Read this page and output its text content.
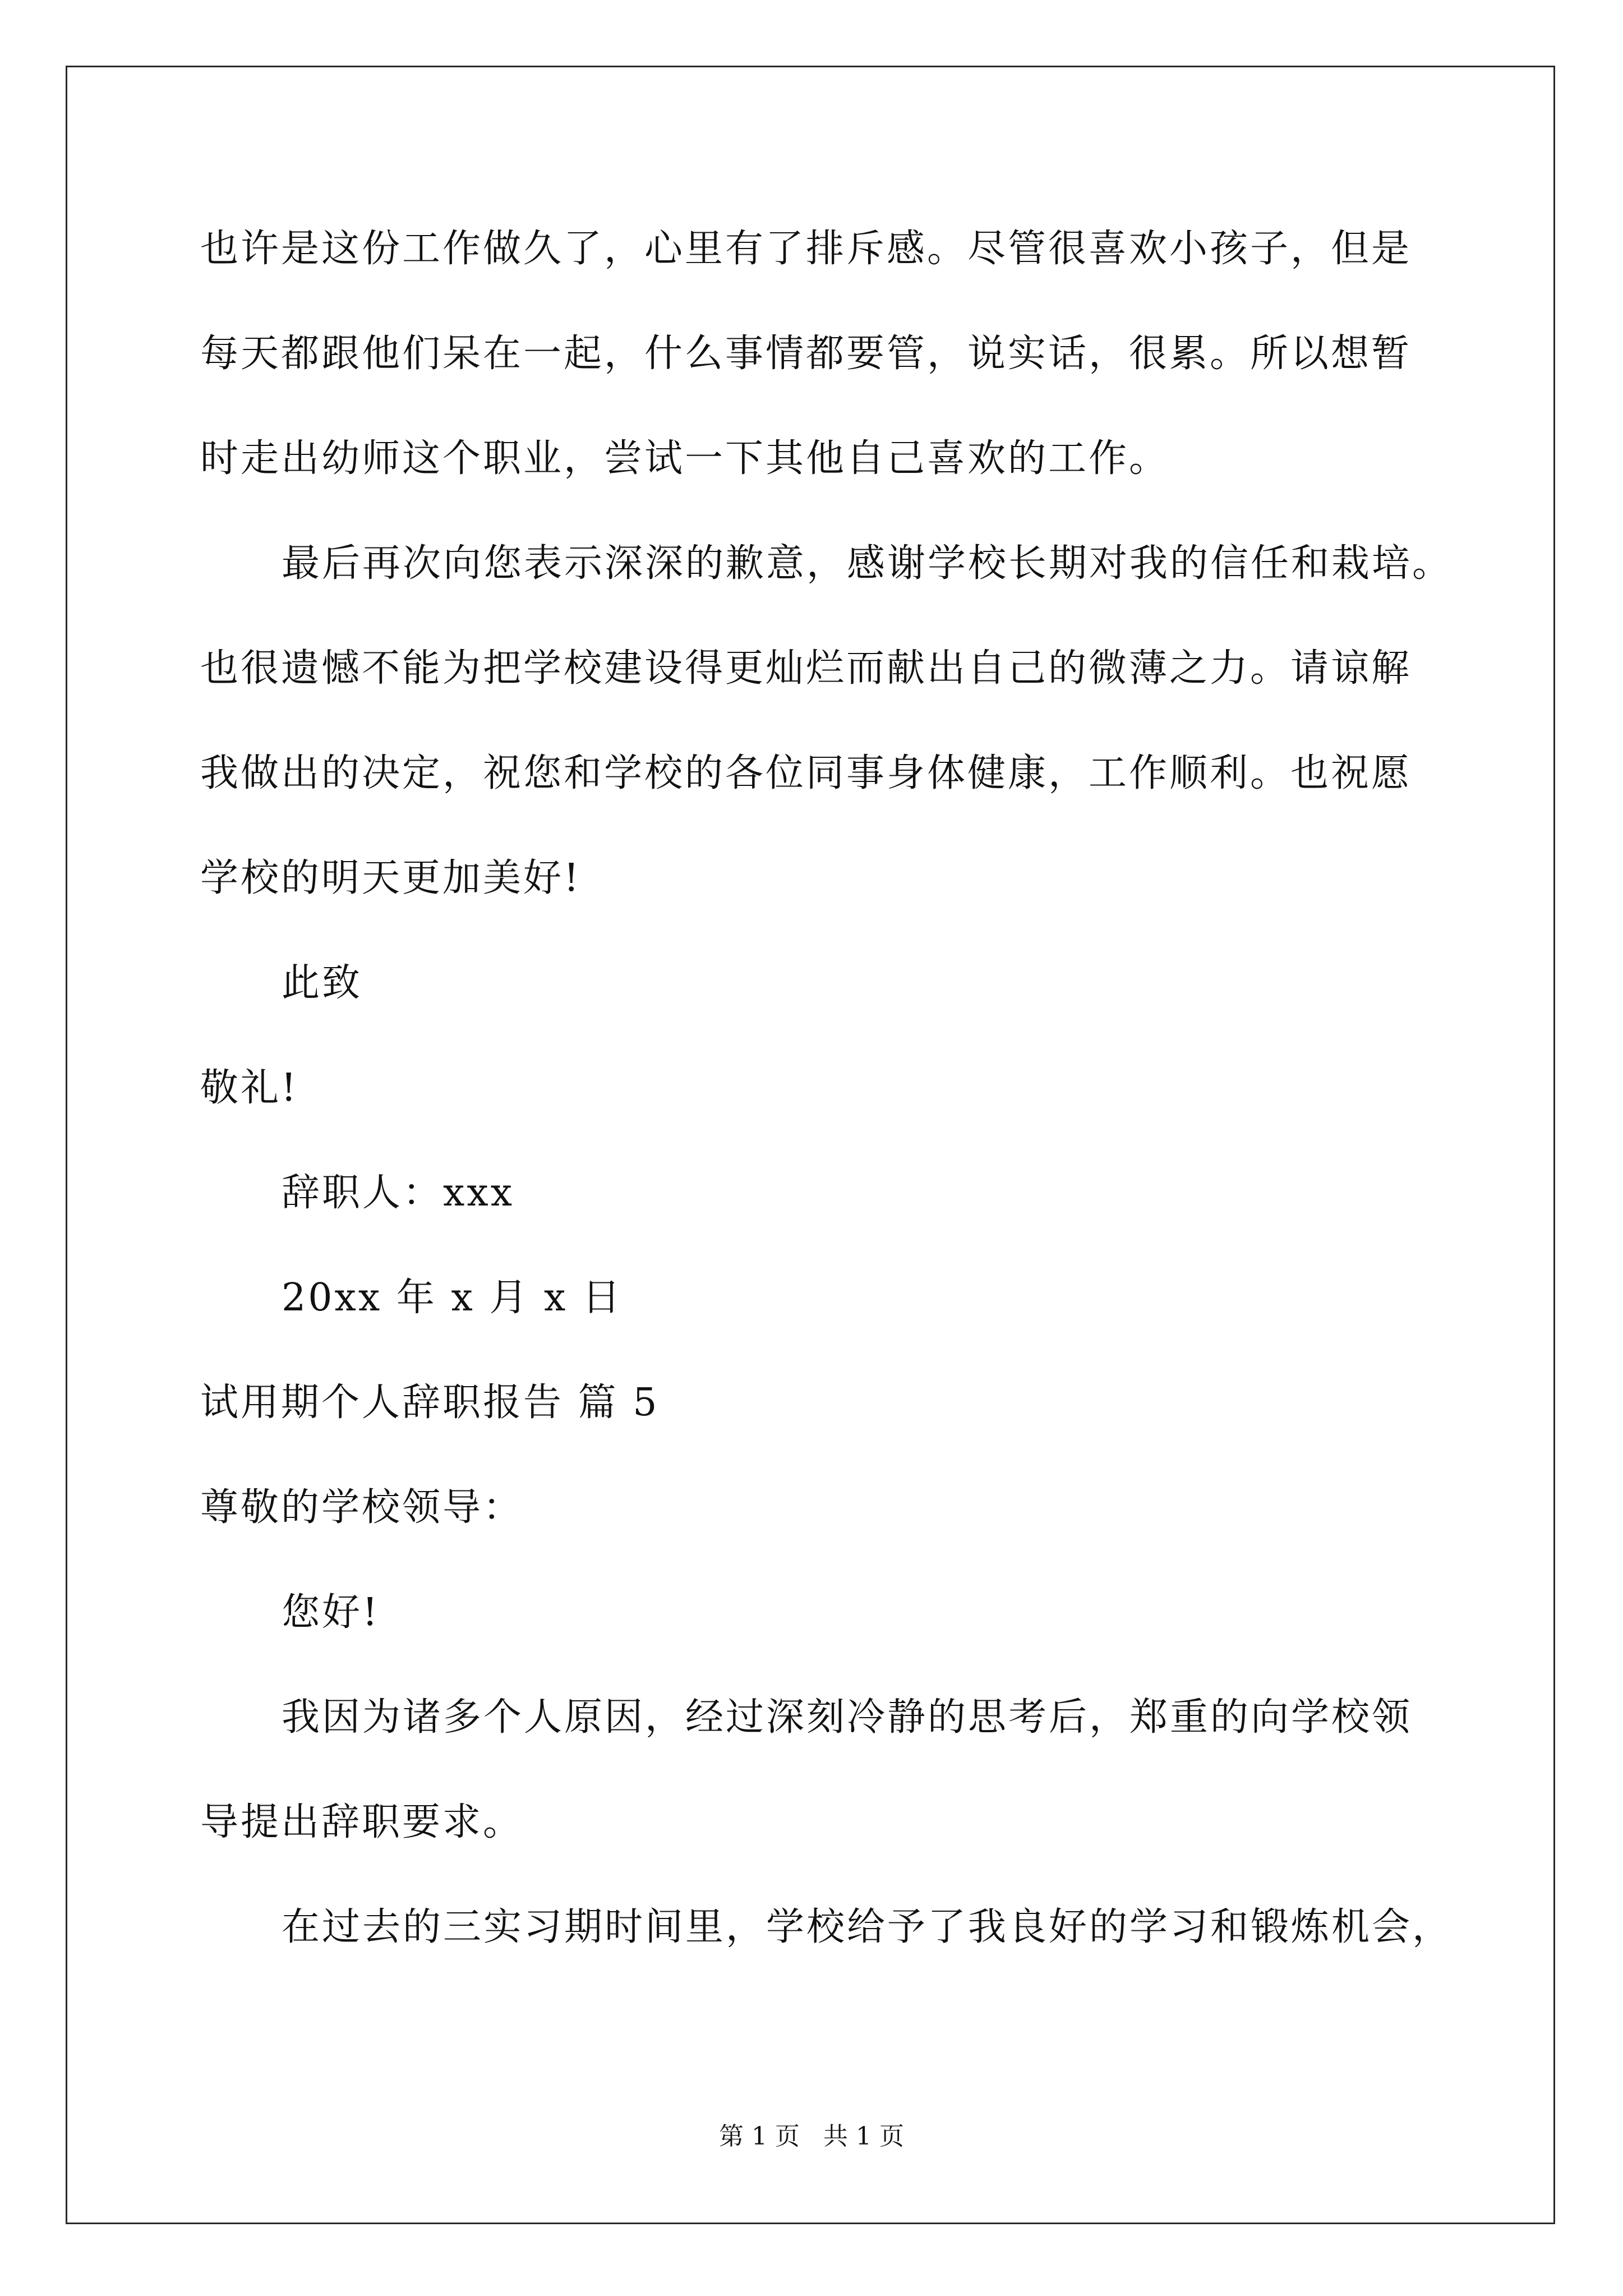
也许是这份工作做久了，心里有了排斥感。尽管很喜欢小孩子，但是
每天都跟他们呆在一起，什么事情都要管，说实话，很累。所以想暂
时走出幼师这个职业，尝试一下其他自己喜欢的工作。
最后再次向您表示深深的歉意，感谢学校长期对我的信任和栽培。
也很遗憾不能为把学校建设得更灿烂而献出自己的微薄之力。请谅解
我做出的决定，祝您和学校的各位同事身体健康，工作顺利。也祝愿
学校的明天更加美好!
此致
敬礼!
辞职人：xxx
20xx 年 x 月 x 日
试用期个人辞职报告 篇 5
尊敬的学校领导：
您好!
我因为诸多个人原因，经过深刻冷静的思考后，郑重的向学校领
导提出辞职要求。
在过去的三实习期时间里，学校给予了我良好的学习和锻炼机会，
第 1 页   共 1 页
